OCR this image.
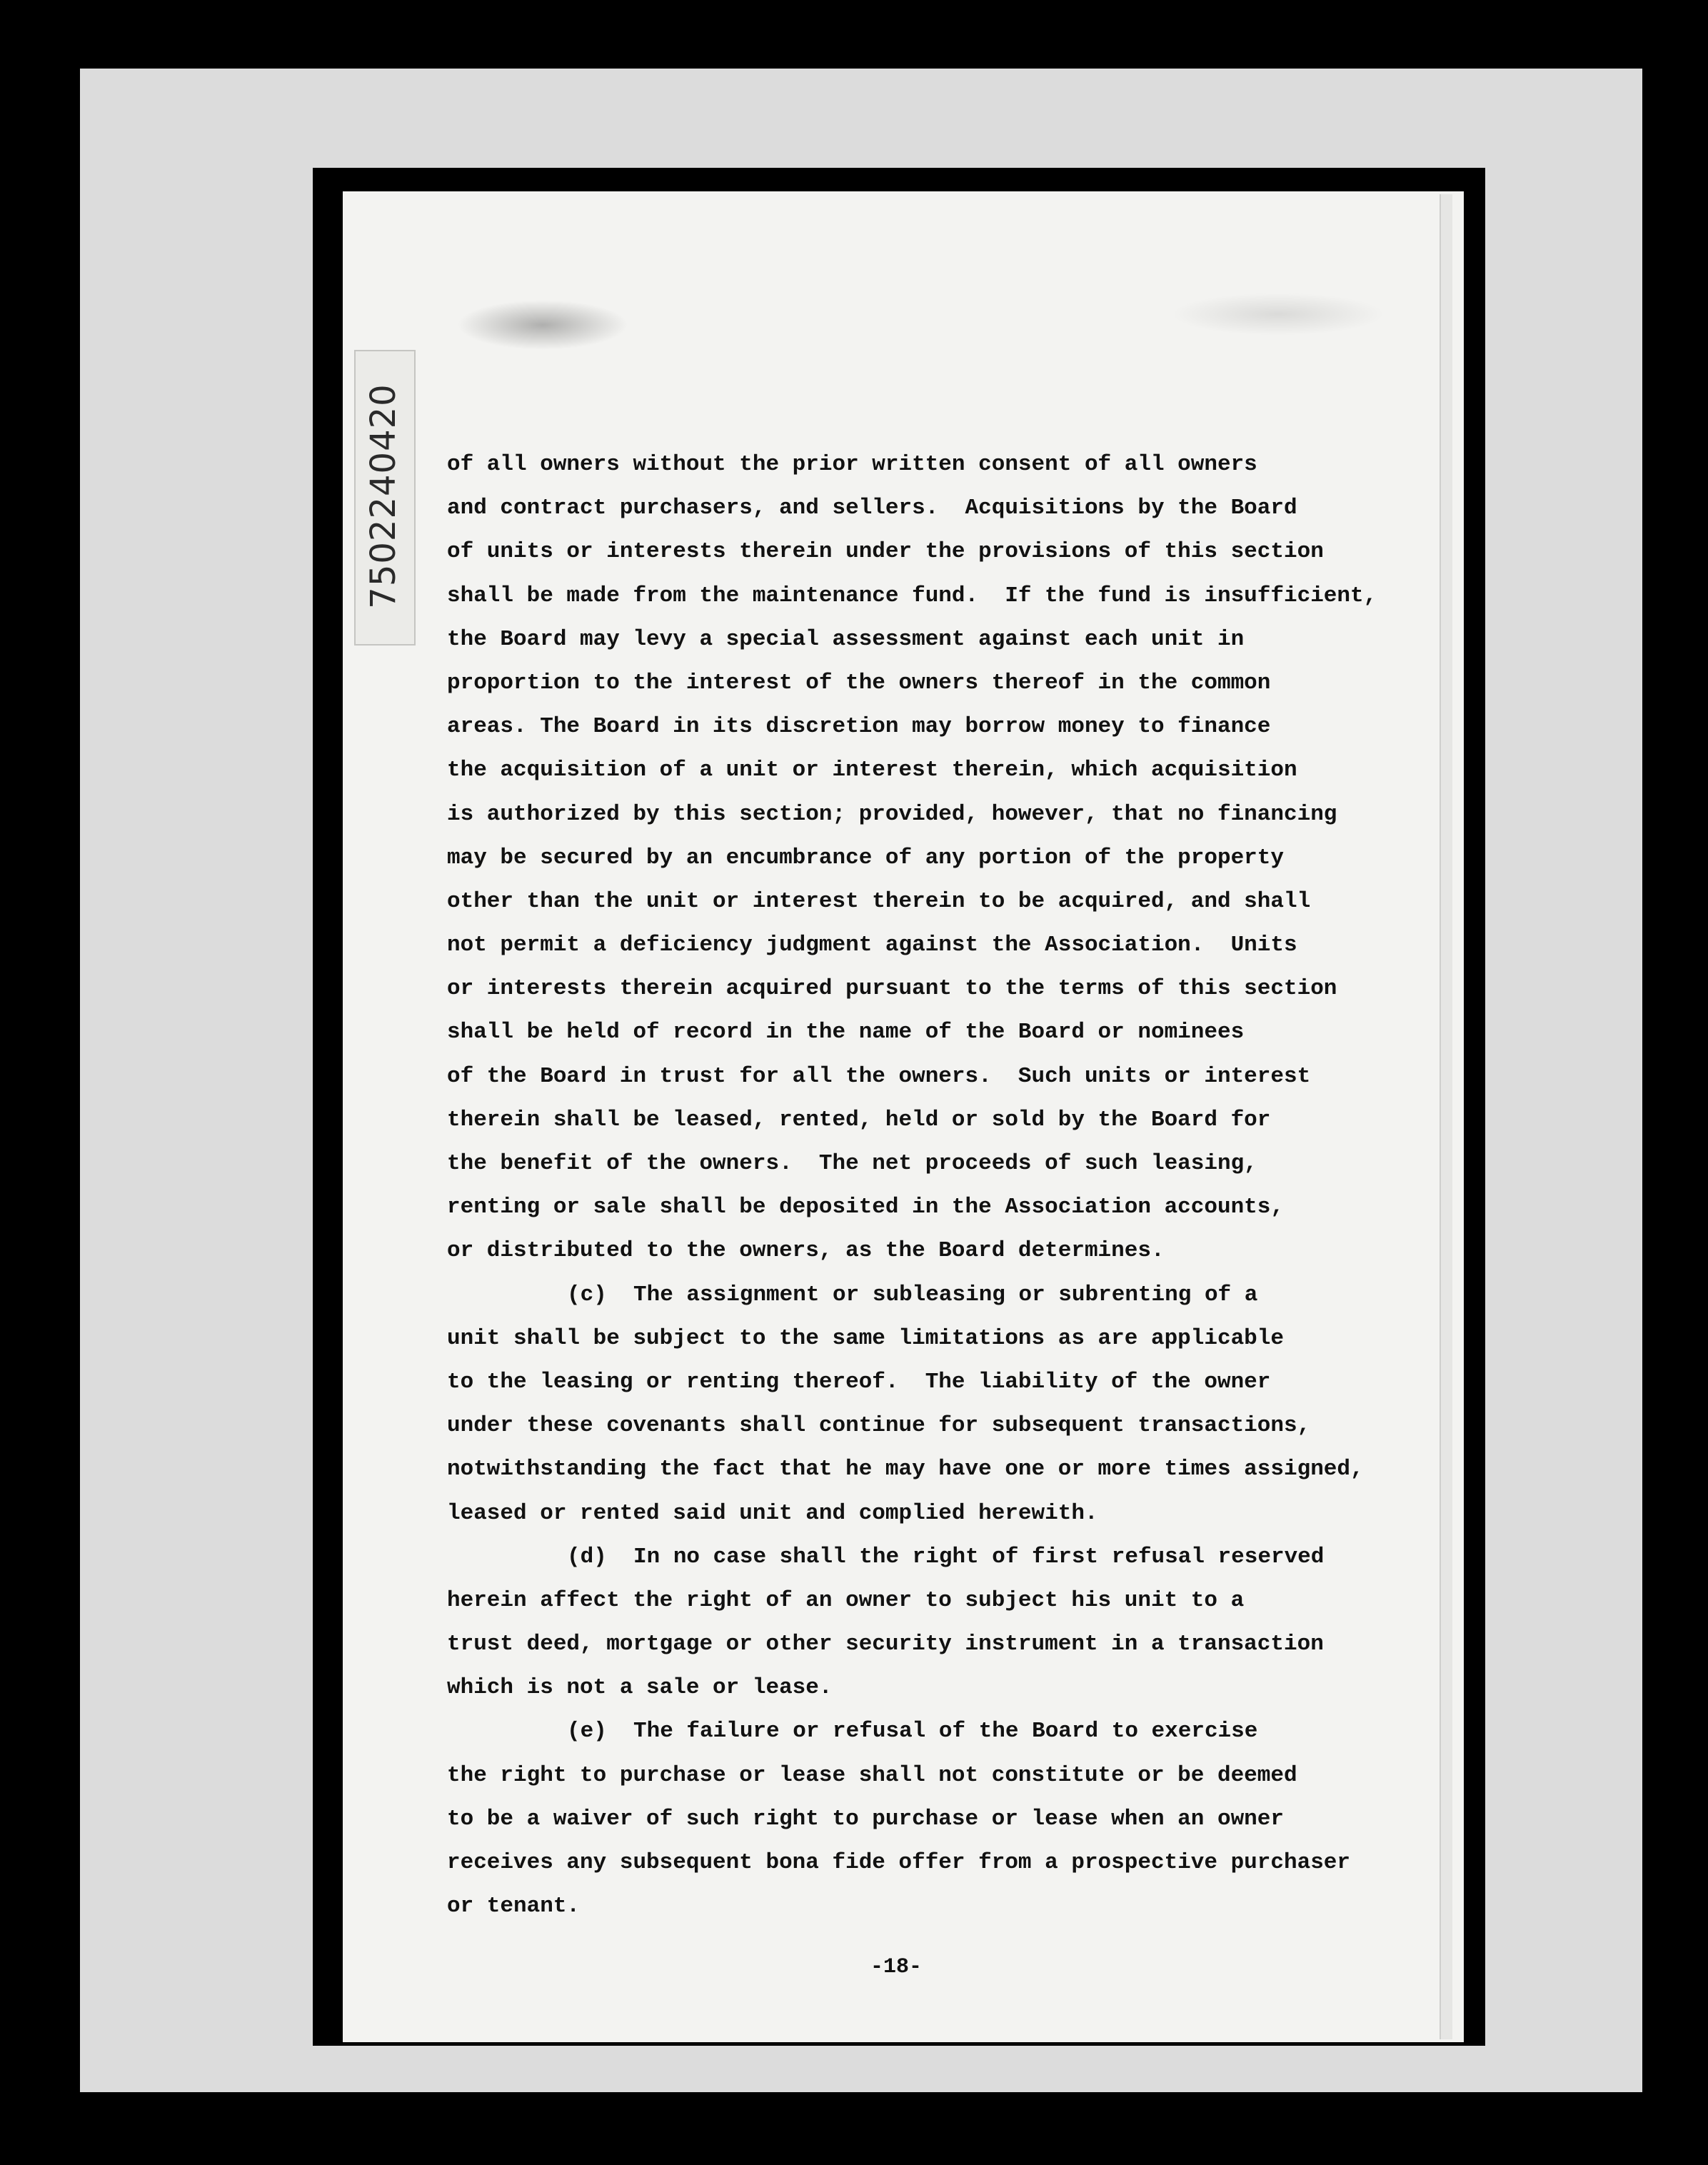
7502240420 of all owners without the prior written consent of all owners
and contract purchasers, and sellers.  Acquisitions by the Board
of units or interests therein under the provisions of this section
shall be made from the maintenance fund.  If the fund is insufficient,
the Board may levy a special assessment against each unit in
proportion to the interest of the owners thereof in the common
areas. The Board in its discretion may borrow money to finance
the acquisition of a unit or interest therein, which acquisition
is authorized by this section; provided, however, that no financing
may be secured by an encumbrance of any portion of the property
other than the unit or interest therein to be acquired, and shall
not permit a deficiency judgment against the Association.  Units
or interests therein acquired pursuant to the terms of this section
shall be held of record in the name of the Board or nominees
of the Board in trust for all the owners.  Such units or interest
therein shall be leased, rented, held or sold by the Board for
the benefit of the owners.  The net proceeds of such leasing,
renting or sale shall be deposited in the Association accounts,
or distributed to the owners, as the Board determines.
(c)  The assignment or subleasing or subrenting of a
unit shall be subject to the same limitations as are applicable
to the leasing or renting thereof.  The liability of the owner
under these covenants shall continue for subsequent transactions,
notwithstanding the fact that he may have one or more times assigned,
leased or rented said unit and complied herewith.
(d)  In no case shall the right of first refusal reserved
herein affect the right of an owner to subject his unit to a
trust deed, mortgage or other security instrument in a transaction
which is not a sale or lease.
(e)  The failure or refusal of the Board to exercise
the right to purchase or lease shall not constitute or be deemed
to be a waiver of such right to purchase or lease when an owner
receives any subsequent bona fide offer from a prospective purchaser
or tenant.
-18-
